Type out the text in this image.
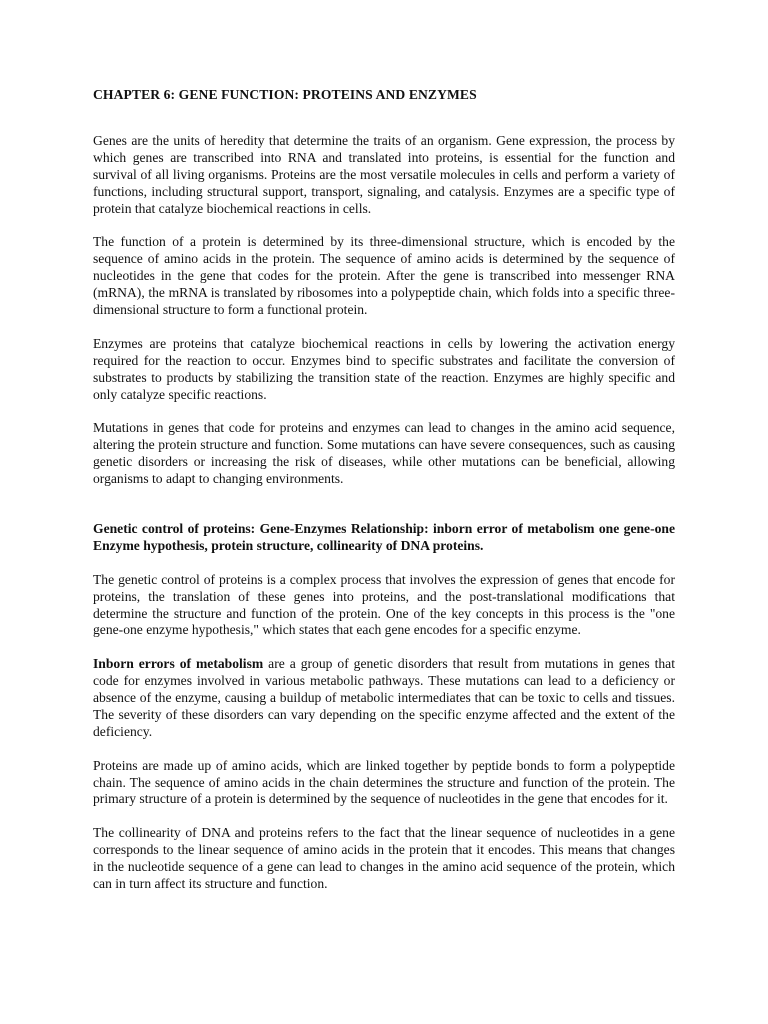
CHAPTER 6: GENE FUNCTION: PROTEINS AND ENZYMES

Genes are the units of heredity that determine the traits of an organism. Gene expression, the process by which genes are transcribed into RNA and translated into proteins, is essential for the function and survival of all living organisms. Proteins are the most versatile molecules in cells and perform a variety of functions, including structural support, transport, signaling, and catalysis. Enzymes are a specific type of protein that catalyze biochemical reactions in cells.

The function of a protein is determined by its three-dimensional structure, which is encoded by the sequence of amino acids in the protein. The sequence of amino acids is determined by the sequence of nucleotides in the gene that codes for the protein. After the gene is transcribed into messenger RNA (mRNA), the mRNA is translated by ribosomes into a polypeptide chain, which folds into a specific three-dimensional structure to form a functional protein.

Enzymes are proteins that catalyze biochemical reactions in cells by lowering the activation energy required for the reaction to occur. Enzymes bind to specific substrates and facilitate the conversion of substrates to products by stabilizing the transition state of the reaction. Enzymes are highly specific and only catalyze specific reactions.

Mutations in genes that code for proteins and enzymes can lead to changes in the amino acid sequence, altering the protein structure and function. Some mutations can have severe consequences, such as causing genetic disorders or increasing the risk of diseases, while other mutations can be beneficial, allowing organisms to adapt to changing environments.

Genetic control of proteins: Gene-Enzymes Relationship: inborn error of metabolism one gene-one Enzyme hypothesis, protein structure, collinearity of DNA proteins.

The genetic control of proteins is a complex process that involves the expression of genes that encode for proteins, the translation of these genes into proteins, and the post-translational modifications that determine the structure and function of the protein. One of the key concepts in this process is the "one gene-one enzyme hypothesis," which states that each gene encodes for a specific enzyme.

Inborn errors of metabolism are a group of genetic disorders that result from mutations in genes that code for enzymes involved in various metabolic pathways. These mutations can lead to a deficiency or absence of the enzyme, causing a buildup of metabolic intermediates that can be toxic to cells and tissues. The severity of these disorders can vary depending on the specific enzyme affected and the extent of the deficiency.

Proteins are made up of amino acids, which are linked together by peptide bonds to form a polypeptide chain. The sequence of amino acids in the chain determines the structure and function of the protein. The primary structure of a protein is determined by the sequence of nucleotides in the gene that encodes for it.

The collinearity of DNA and proteins refers to the fact that the linear sequence of nucleotides in a gene corresponds to the linear sequence of amino acids in the protein that it encodes. This means that changes in the nucleotide sequence of a gene can lead to changes in the amino acid sequence of the protein, which can in turn affect its structure and function.
